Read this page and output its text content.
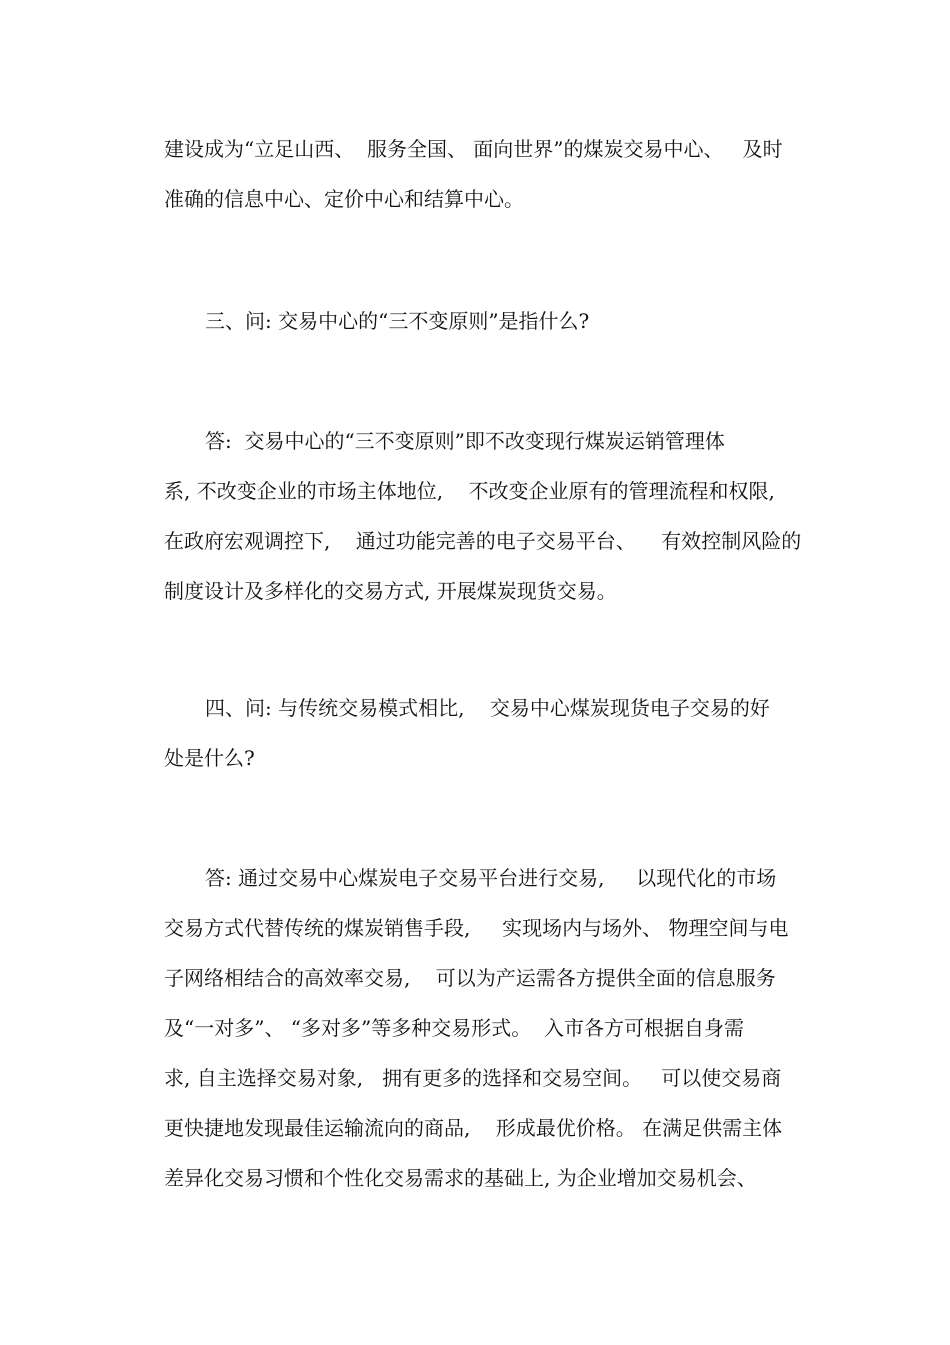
建设成为“立足山西、  服务全国、 面向世界”的煤炭交易中心、   及时
准确的信息中心、定价中心和结算中心。
三、问: 交易中心的“三不变原则”是指什么?
答:  交易中心的“三不变原则”即不改变现行煤炭运销管理体
系, 不改变企业的市场主体地位,    不改变企业原有的管理流程和权限,
在政府宏观调控下,    通过功能完善的电子交易平台、    有效控制风险的
制度设计及多样化的交易方式, 开展煤炭现货交易。
四、问: 与传统交易模式相比,    交易中心煤炭现货电子交易的好
处是什么?
答: 通过交易中心煤炭电子交易平台进行交易,     以现代化的市场
交易方式代替传统的煤炭销售手段,     实现场内与场外、 物理空间与电
子网络相结合的高效率交易,    可以为产运需各方提供全面的信息服务
及“一对多”、 “多对多”等多种交易形式。  入市各方可根据自身需
求, 自主选择交易对象,   拥有更多的选择和交易空间。   可以使交易商
更快捷地发现最佳运输流向的商品,    形成最优价格。 在满足供需主体
差异化交易习惯和个性化交易需求的基础上, 为企业增加交易机会、
